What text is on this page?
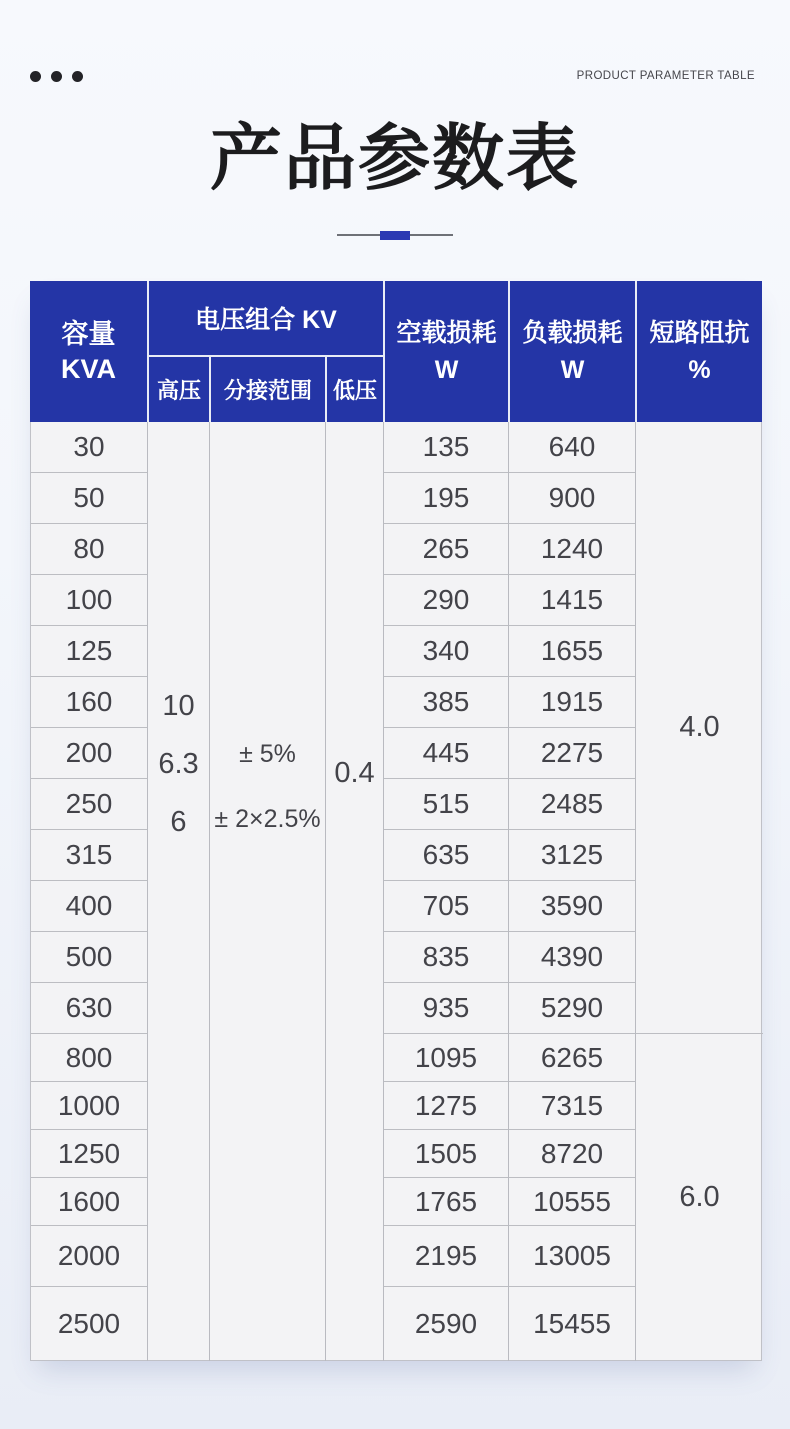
PRODUCT PARAMETER TABLE
产品参数表
容量
KVA
电压组合 KV
高压	分接范围 低压
空载损耗
W
负载损耗
W
短路阻抗
%
30
50
80
100
125
160
200
250
315
400
500
630
800
1000
1250
1600
2000
2500
10
6.3
6
± 5%
± 2×2.5%
0.4
135
195
265
290
340
385
445
515
635
705
835
935
1095
1275
1505
1765
2195
2590
640
900
1240
1415
1655
1915
2275
2485
3125
3590
4390
5290
6265
7315
8720
10555
13005
15455
4.0
6.0
